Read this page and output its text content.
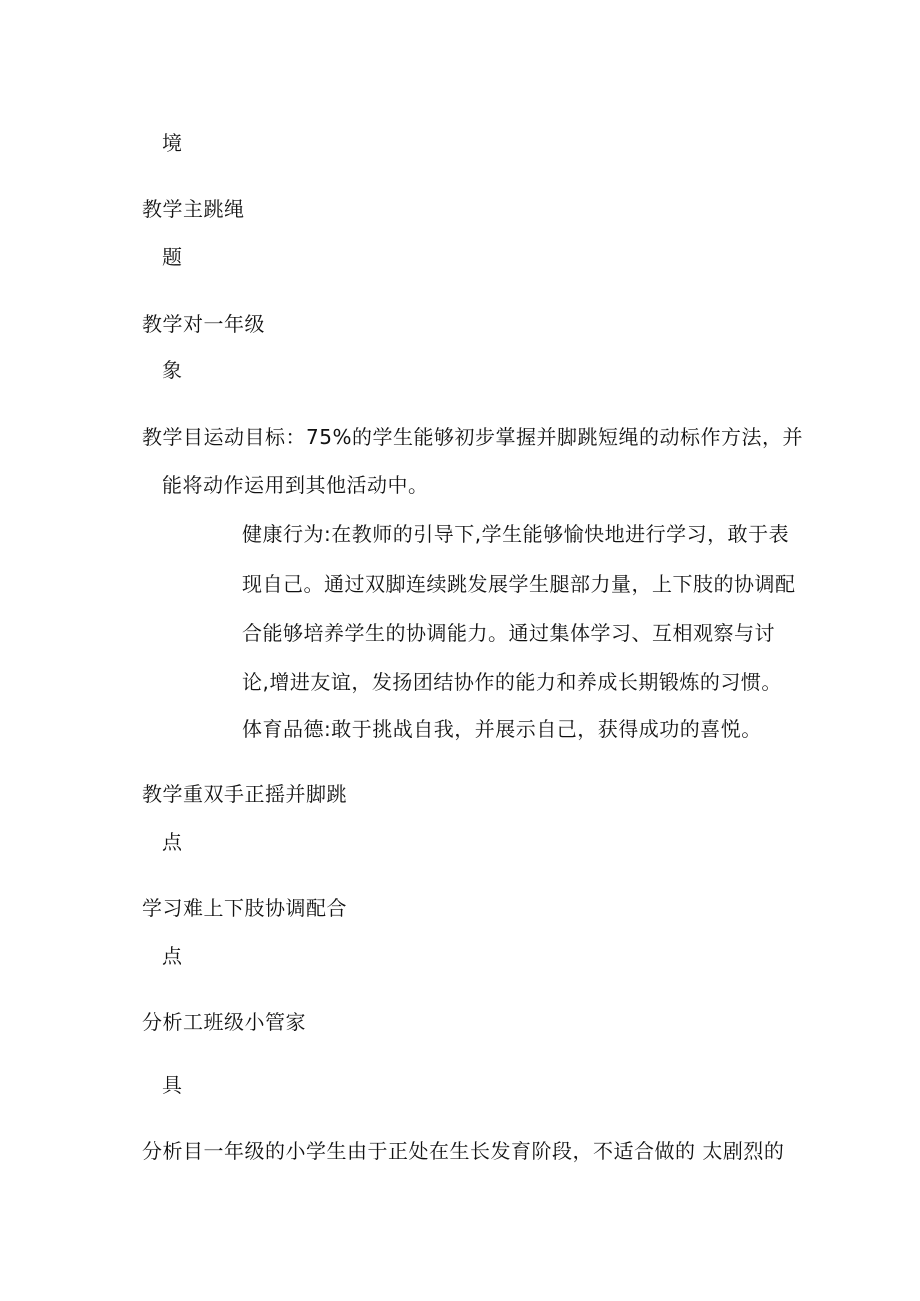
境
教学主跳绳
题
教学对一年级
象
教学目运动目标：75%的学生能够初步掌握并脚跳短绳的动标作方法，并
能将动作运用到其他活动中。
健康行为:在教师的引导下,学生能够愉快地进行学习，敢于表
现自己。通过双脚连续跳发展学生腿部力量，上下肢的协调配
合能够培养学生的协调能力。通过集体学习、互相观察与讨
论,增进友谊，发扬团结协作的能力和养成长期锻炼的习惯。
体育品德:敢于挑战自我，并展示自己，获得成功的喜悦。
教学重双手正摇并脚跳
点
学习难上下肢协调配合
点
分析工班级小管家
具
分析目一年级的小学生由于正处在生长发育阶段，不适合做的 太剧烈的
